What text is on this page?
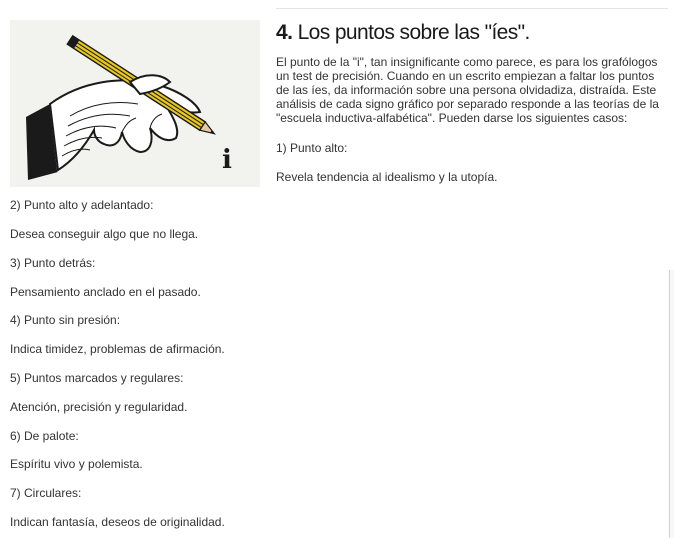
i
4. Los puntos sobre las "íes".

El punto de la "i", tan insignificante como parece, es para los grafólogos un test de precisión. Cuando en un escrito empiezan a faltar los puntos de las íes, da información sobre una persona olvidadiza, distraída. Este análisis de cada signo gráfico por separado responde a las teorías de la "escuela inductiva-alfabética". Pueden darse los siguientes casos:

1) Punto alto:

Revela tendencia al idealismo y la utopía.

2) Punto alto y adelantado:

Desea conseguir algo que no llega.

3) Punto detrás:

Pensamiento anclado en el pasado.

4) Punto sin presión:

Indica timidez, problemas de afirmación.

5) Puntos marcados y regulares:

Atención, precisión y regularidad.

6) De palote:

Espíritu vivo y polemista.

7) Circulares:

Indican fantasía, deseos de originalidad.
